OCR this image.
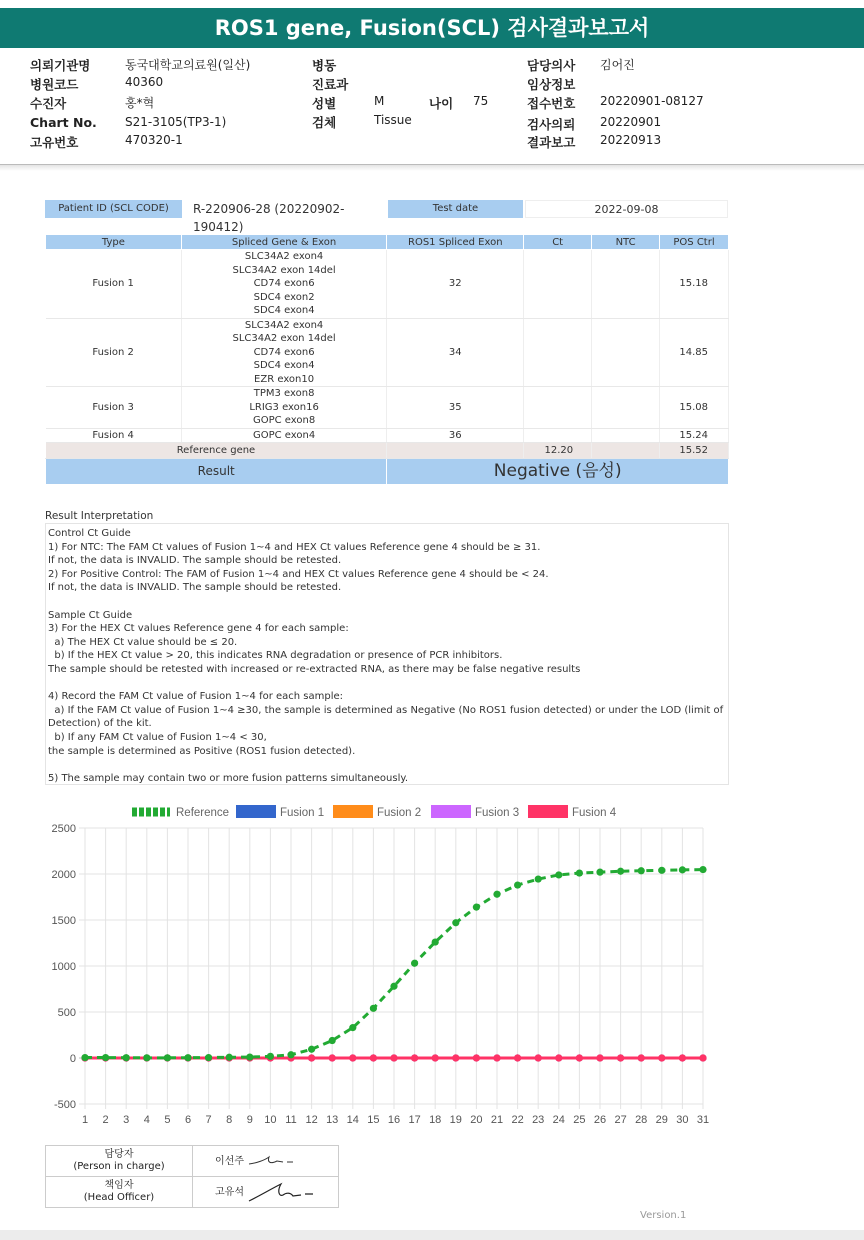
ROS1 gene, Fusion(SCL) 검사결과보고서
의뢰기관명	동국대학교의료원(일산)
병원코드	40360
수진자	홍*혁
Chart No. S21-3105(TP3-1)
고유번호	470320-1
병동
진료과
성별	M	나이 75
검체	Tissue
담당의사 김어진
임상정보
접수번호 20220901-08127
검사의뢰 20220901
결과보고 20220913
Patient ID (SCL CODE)	R-220906-28 (20220902-190412)
Test date	2022-09-08
Type	Spliced Gene & Exon	ROS1 Spliced Exon	Ct	NTC	POS Ctrl
Fusion 1	SLC34A2 exon4
SLC34A2 exon 14del
CD74 exon6
SDC4 exon2
SDC4 exon4	32			15.18
Fusion 2	SLC34A2 exon4
SLC34A2 exon 14del
CD74 exon6
SDC4 exon4
EZR exon10	34			14.85
Fusion 3	TPM3 exon8
LRIG3 exon16
GOPC exon8	35			15.08
Fusion 4	GOPC exon4	36			15.24
Reference gene			12.20		15.52
Result		Negative (음성)			
Result Interpretation
Control Ct Guide
1) For NTC: The FAM Ct values of Fusion 1~4 and HEX Ct values Reference gene 4 should be ≥ 31.
If not, the data is INVALID. The sample should be retested.
2) For Positive Control: The FAM of Fusion 1~4 and HEX Ct values Reference gene 4 should be < 24.
If not, the data is INVALID. The sample should be retested.

Sample Ct Guide
3) For the HEX Ct values Reference gene 4 for each sample:
a) The HEX Ct value should be ≤ 20.
b) If the HEX Ct value > 20, this indicates RNA degradation or presence of PCR inhibitors.
The sample should be retested with increased or re-extracted RNA, as there may be false negative results

4) Record the FAM Ct value of Fusion 1~4 for each sample:
a) If the FAM Ct value of Fusion 1~4 ≥30, the sample is determined as Negative (No ROS1 fusion detected) or under the LOD (limit of Detection) of the kit.
b) If any FAM Ct value of Fusion 1~4 < 30,
the sample is determined as Positive (ROS1 fusion detected).

5) The sample may contain two or more fusion patterns simultaneously.
Reference	Fusion 1	Fusion 2	Fusion 3	Fusion 4
2500
2000
1500
1000
500
0
-500
1 2 3 4 5 6 7 8 9 10 11 12 13 14 15 16 17 18 19 20 21 22 23 24 25 26 27 28 29 30 31
담당자
(Person in charge)	이선주

책임자
(Head Officer)	고유석
Version.1
